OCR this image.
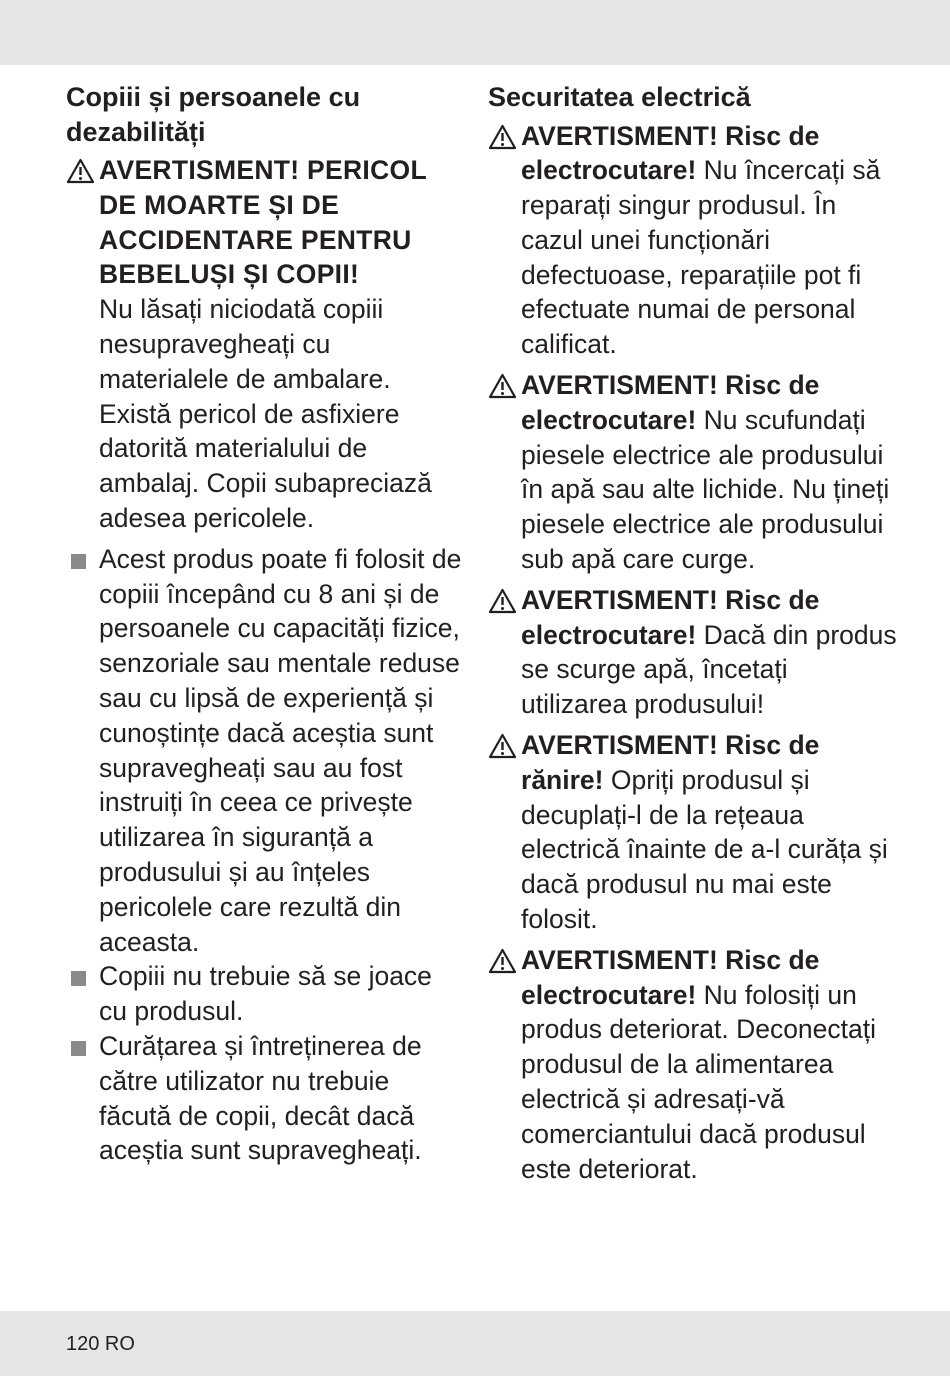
Copiii și persoanele cu dezabilități
AVERTISMENT! PERICOL DE MOARTE ȘI DE ACCIDENTARE PENTRU BEBELUȘI ȘI COPII!
Nu lăsați niciodată copiii nesupravegheați cu materialele de ambalare. Există pericol de asfixiere datorită materialului de ambalaj. Copii subapreciază adesea pericolele.
Acest produs poate fi folosit de copiii începând cu 8 ani și de persoanele cu capacități fizice, senzoriale sau mentale reduse sau cu lipsă de experiență și cunoștințe dacă aceștia sunt supravegheați sau au fost instruiți în ceea ce privește utilizarea în siguranță a produsului și au înțeles pericolele care rezultă din aceasta.
Copiii nu trebuie să se joace cu produsul.
Curățarea și întreținerea de către utilizator nu trebuie făcută de copii, decât dacă aceștia sunt supravegheați.
Securitatea electrică
AVERTISMENT! Risc de electrocutare! Nu încercați să reparați singur produsul. În cazul unei funcționări defectuoase, reparațiile pot fi efectuate numai de personal calificat.
AVERTISMENT! Risc de electrocutare! Nu scufundați piesele electrice ale produsului în apă sau alte lichide. Nu țineți piesele electrice ale produsului sub apă care curge.
AVERTISMENT! Risc de electrocutare! Dacă din produs se scurge apă, încetați utilizarea produsului!
AVERTISMENT! Risc de rănire! Opriți produsul și decuplați-l de la rețeaua electrică înainte de a-l curăța și dacă produsul nu mai este folosit.
AVERTISMENT! Risc de electrocutare! Nu folosiți un produs deteriorat. Deconectați produsul de la alimentarea electrică și adresați-vă comerciantului dacă produsul este deteriorat.
120 RO
